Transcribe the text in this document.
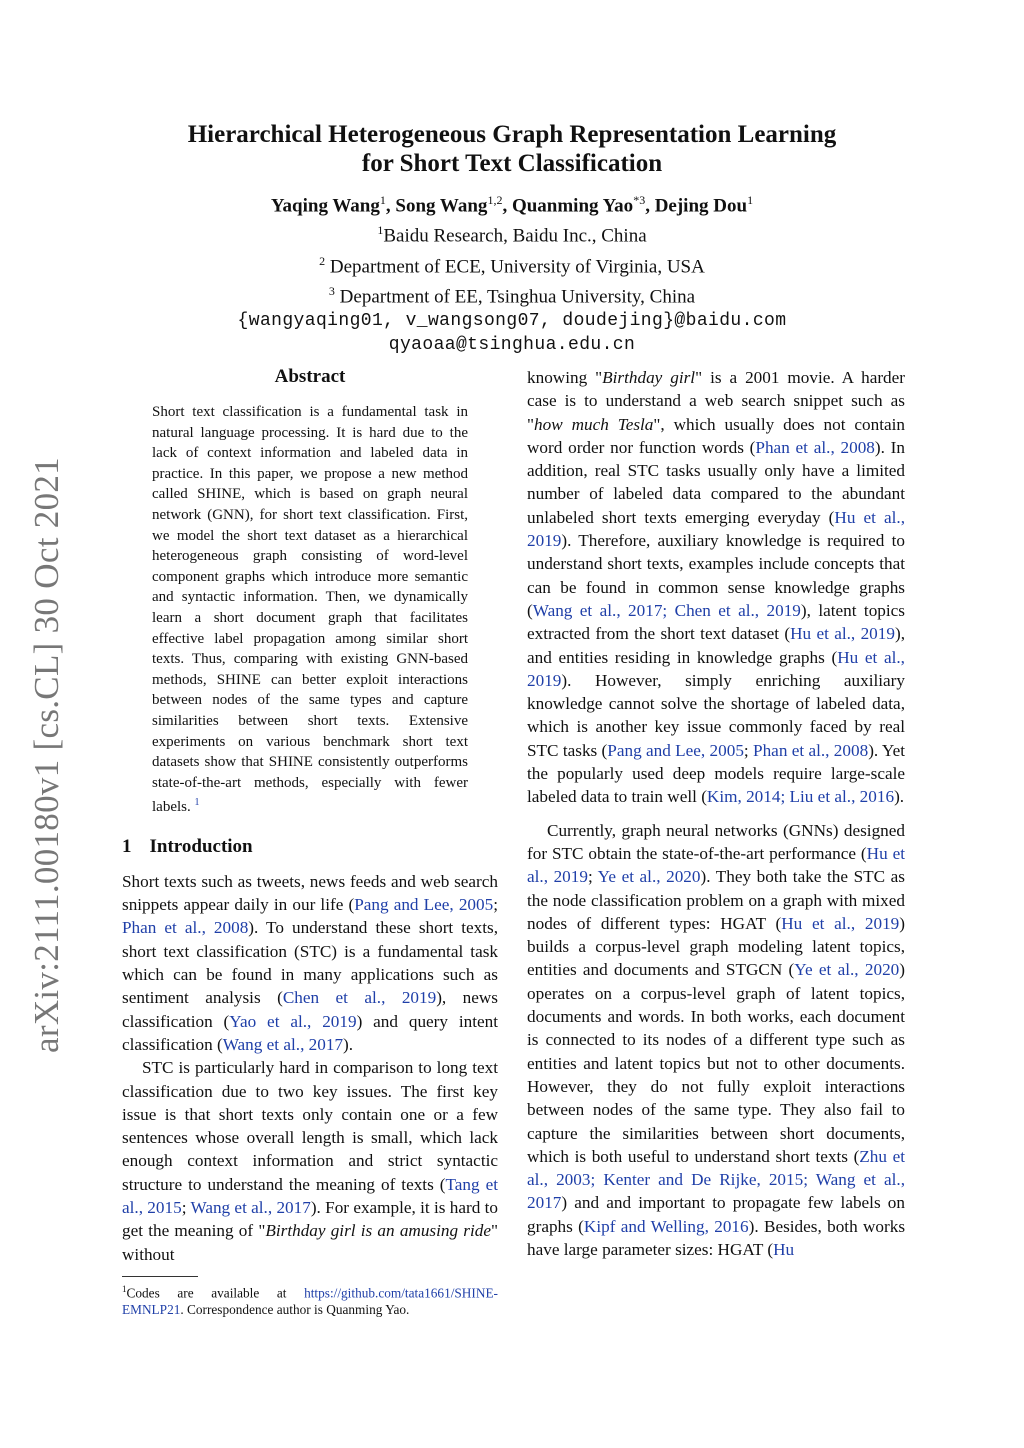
arXiv:2111.00180v1 [cs.CL] 30 Oct 2021
Hierarchical Heterogeneous Graph Representation Learning
for Short Text Classification
Yaqing Wang$^1$, Song Wang$^{1,2}$, Quanming Yao$^{*3}$, Dejing Dou$^1$
$^1$Baidu Research, Baidu Inc., China
$^2$ Department of ECE, University of Virginia, USA
$^3$ Department of EE, Tsinghua University, China
{wangyaqing01, v_wangsong07, doudejing}@baidu.com
qyaoaa@tsinghua.edu.cn
Abstract
Short text classification is a fundamental task in natural language processing. It is hard due to the lack of context information and labeled data in practice. In this paper, we propose a new method called SHINE, which is based on graph neural network (GNN), for short text classification. First, we model the short text dataset as a hierarchical heterogeneous graph consisting of word-level component graphs which introduce more semantic and syntactic information. Then, we dynamically learn a short document graph that facilitates effective label propagation among similar short texts. Thus, comparing with existing GNN-based methods, SHINE can better exploit interactions between nodes of the same types and capture similarities between short texts. Extensive experiments on various benchmark short text datasets show that SHINE consistently outperforms state-of-the-art methods, especially with fewer labels. $^1$
1 Introduction

Short texts such as tweets, news feeds and web search snippets appear daily in our life (Pang and Lee, 2005; Phan et al., 2008). To understand these short texts, short text classification (STC) is a fundamental task which can be found in many applications such as sentiment analysis (Chen et al., 2019), news classification (Yao et al., 2019) and query intent classification (Wang et al., 2017).

STC is particularly hard in comparison to long text classification due to two key issues. The first key issue is that short texts only contain one or a few sentences whose overall length is small, which lack enough context information and strict syntactic structure to understand the meaning of texts (Tang et al., 2015; Wang et al., 2017). For example, it is hard to get the meaning of "Birthday girl is an amusing ride" without

$^1$Codes are available at https://github.com/tata1661/SHINE-EMNLP21. Correspondence author is Quanming Yao.

knowing "Birthday girl" is a 2001 movie. A harder case is to understand a web search snippet such as "how much Tesla", which usually does not contain word order nor function words (Phan et al., 2008). In addition, real STC tasks usually only have a limited number of labeled data compared to the abundant unlabeled short texts emerging everyday (Hu et al., 2019). Therefore, auxiliary knowledge is required to understand short texts, examples include concepts that can be found in common sense knowledge graphs (Wang et al., 2017; Chen et al., 2019), latent topics extracted from the short text dataset (Hu et al., 2019), and entities residing in knowledge graphs (Hu et al., 2019). However, simply enriching auxiliary knowledge cannot solve the shortage of labeled data, which is another key issue commonly faced by real STC tasks (Pang and Lee, 2005; Phan et al., 2008). Yet the popularly used deep models require large-scale labeled data to train well (Kim, 2014; Liu et al., 2016).

Currently, graph neural networks (GNNs) designed for STC obtain the state-of-the-art performance (Hu et al., 2019; Ye et al., 2020). They both take the STC as the node classification problem on a graph with mixed nodes of different types: HGAT (Hu et al., 2019) builds a corpus-level graph modeling latent topics, entities and documents and STGCN (Ye et al., 2020) operates on a corpus-level graph of latent topics, documents and words. In both works, each document is connected to its nodes of a different type such as entities and latent topics but not to other documents. However, they do not fully exploit interactions between nodes of the same type. They also fail to capture the similarities between short documents, which is both useful to understand short texts (Zhu et al., 2003; Kenter and De Rijke, 2015; Wang et al., 2017) and and important to propagate few labels on graphs (Kipf and Welling, 2016). Besides, both works have large parameter sizes: HGAT (Hu
